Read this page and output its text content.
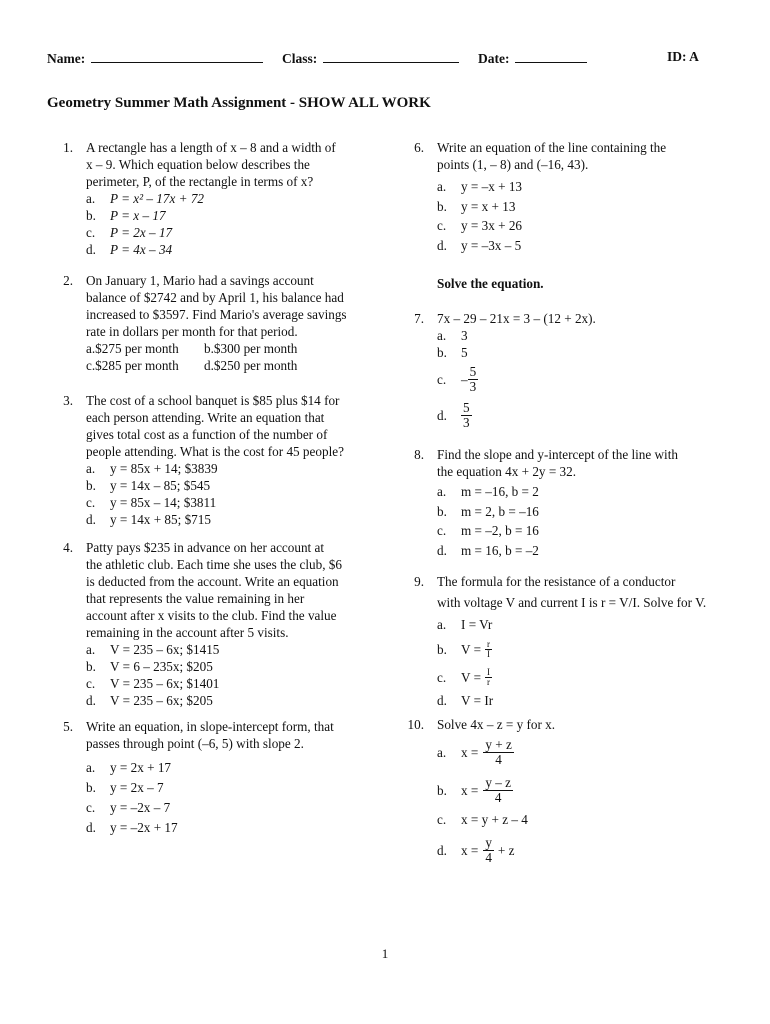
Name:	Class:	Date:	ID: A
Geometry Summer Math Assignment - SHOW ALL WORK
1. A rectangle has a length of x – 8 and a width of
x – 9. Which equation below describes the
perimeter, P, of the rectangle in terms of x?
a.	P = x² – 17x + 72
b.	P = x – 17
c.	P = 2x – 17
d.	P = 4x – 34
2. On January 1, Mario had a savings account
balance of $2742 and by April 1, his balance had
increased to $3597. Find Mario's average savings
rate in dollars per month for that period.
a.$275 per month	b.$300 per month
c.$285 per month	d.$250 per month
3. The cost of a school banquet is $85 plus $14 for
each person attending. Write an equation that
gives total cost as a function of the number of
people attending. What is the cost for 45 people?
a.	y = 85x + 14; $3839
b.	y = 14x – 85; $545
c.	y = 85x – 14; $3811
d.	y = 14x + 85; $715
4. Patty pays $235 in advance on her account at
the athletic club. Each time she uses the club, $6
is deducted from the account. Write an equation
that represents the value remaining in her
account after x visits to the club. Find the value
remaining in the account after 5 visits.
a.	V = 235 – 6x; $1415
b.	V = 6 – 235x; $205
c.	V = 235 – 6x; $1401
d.	V = 235 – 6x; $205
5. Write an equation, in slope-intercept form, that
passes through point (–6, 5) with slope 2.
a.	y = 2x + 17
b.	y = 2x – 7
c.	y = –2x – 7
d.	y = –2x + 17
6. Write an equation of the line containing the
points (1, – 8) and (–16, 43).
a.	y = –x + 13
b.	y = x + 13
c.	y = 3x + 26
d.	y = –3x – 5
Solve the equation.
7. 7x – 29 – 21x = 3 – (12 + 2x).
a.	3
b.	5
c.	– $\frac{5}{3}$
d.	$\frac{5}{3}$
8. Find the slope and y-intercept of the line with
the equation 4x + 2y = 32.
a.	m = –16, b = 2
b.	m = 2, b = –16
c.	m = –2, b = 16
d.	m = 16, b = –2
9. The formula for the resistance of a conductor
with voltage V and current I is r = V/I. Solve for V.
a.	I = Vr
b.	$V = \frac{r}{I}$
c.	$V = \frac{I}{r}$
d.	V = Ir
10. Solve 4x – z = y for x.
a.	$x = \frac{y + z}{4}$
b.	$x = \frac{y - z}{4}$
c.	x = y + z – 4
d.	$x = \frac{y}{4} + z$
1
